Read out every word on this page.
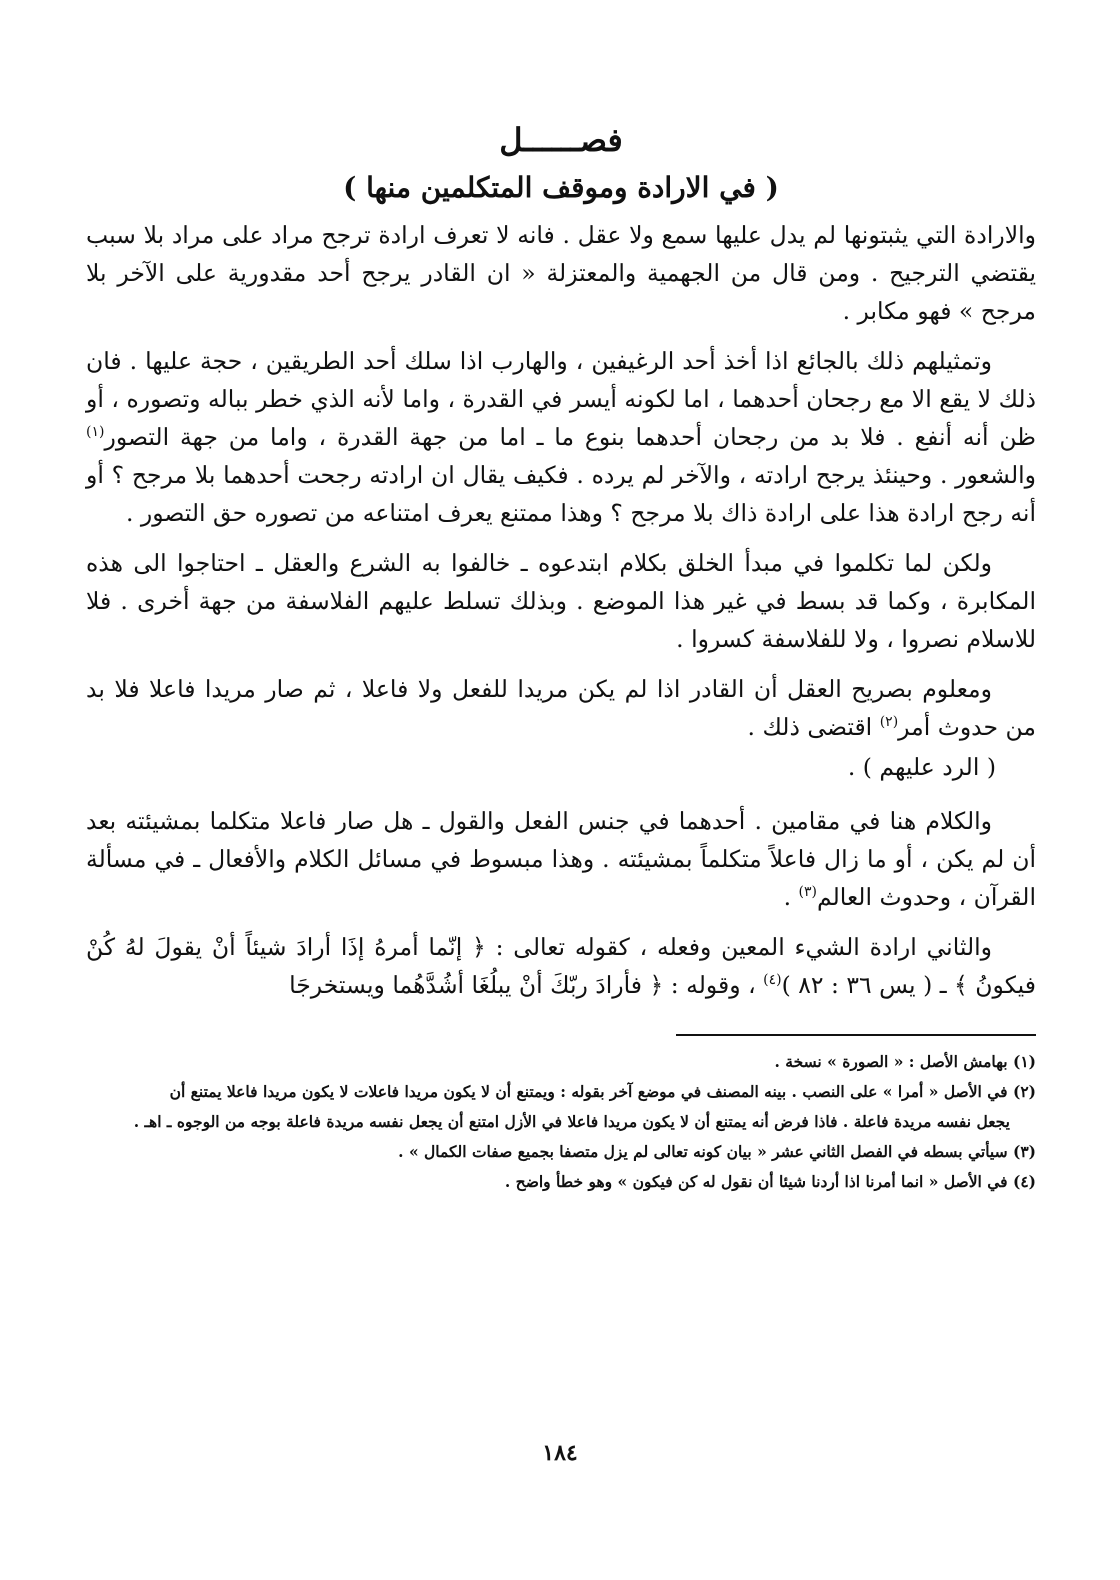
فصــــــل
( في الارادة وموقف المتكلمين منها )

والارادة التي يثبتونها لم يدل عليها سمع ولا عقل . فانه لا تعرف ارادة ترجح مراد على مراد بلا سبب يقتضي الترجيح . ومن قال من الجهمية والمعتزلة « ان القادر يرجح أحد مقدورية على الآخر بلا مرجح » فهو مكابر .

وتمثيلهم ذلك بالجائع اذا أخذ أحد الرغيفين ، والهارب اذا سلك أحد الطريقين ، حجة عليها . فان ذلك لا يقع الا مع رجحان أحدهما ، اما لكونه أيسر في القدرة ، واما لأنه الذي خطر بباله وتصوره ، أو ظن أنه أنفع . فلا بد من رجحان أحدهما بنوع ما ـ اما من جهة القدرة ، واما من جهة التصور$^{(١)}$ والشعور . وحينئذ يرجح ارادته ، والآخر لم يرده . فكيف يقال ان ارادته رجحت أحدهما بلا مرجح ؟ أو أنه رجح ارادة هذا على ارادة ذاك بلا مرجح ؟ وهذا ممتنع يعرف امتناعه من تصوره حق التصور .

ولكن لما تكلموا في مبدأ الخلق بكلام ابتدعوه ـ خالفوا به الشرع والعقل ـ احتاجوا الى هذه المكابرة ، وكما قد بسط في غير هذا الموضع . وبذلك تسلط عليهم الفلاسفة من جهة أخرى . فلا للاسلام نصروا ، ولا للفلاسفة كسروا .

ومعلوم بصريح العقل أن القادر اذا لم يكن مريدا للفعل ولا فاعلا ، ثم صار مريدا فاعلا فلا بد من حدوث أمر$^{(٢)}$ اقتضى ذلك .

( الرد عليهم ) .

والكلام هنا في مقامين . أحدهما في جنس الفعل والقول ـ هل صار فاعلا متكلما بمشيئته بعد أن لم يكن ، أو ما زال فاعلاً متكلماً بمشيئته . وهذا مبسوط في مسائل الكلام والأفعال ـ في مسألة القرآن ، وحدوث العالم$^{(٣)}$ .

والثاني ارادة الشيء المعين وفعله ، كقوله تعالى : ﴿ إنّما أمرهُ إذَا أرادَ شيئاً أنْ يقولَ لهُ كُنْ فيكونُ ﴾ ـ ( يس ٣٦ : ٨٢ )$^{(٤)}$ ، وقوله : ﴿ فأرادَ ربّكَ أنْ يبلُغَا أشُدَّهُما ويستخرجَا

(١) بهامش الأصل : « الصورة » نسخة .

(٢) في الأصل « أمرا » على النصب . بينه المصنف في موضع آخر بقوله : ويمتنع أن لا يكون مريدا فاعلات لا يكون مريدا فاعلا يمتنع أن

يجعل نفسه مريدة فاعلة . فاذا فرض أنه يمتنع أن لا يكون مريدا فاعلا في الأزل امتنع أن يجعل نفسه مريدة فاعلة بوجه من الوجوه ـ اهـ .

(٣) سيأتي بسطه في الفصل الثاني عشر « بيان كونه تعالى لم يزل متصفا بجميع صفات الكمال » .

(٤) في الأصل « انما أمرنا اذا أردنا شيئا أن نقول له كن فيكون » وهو خطأ واضح .

١٨٤
